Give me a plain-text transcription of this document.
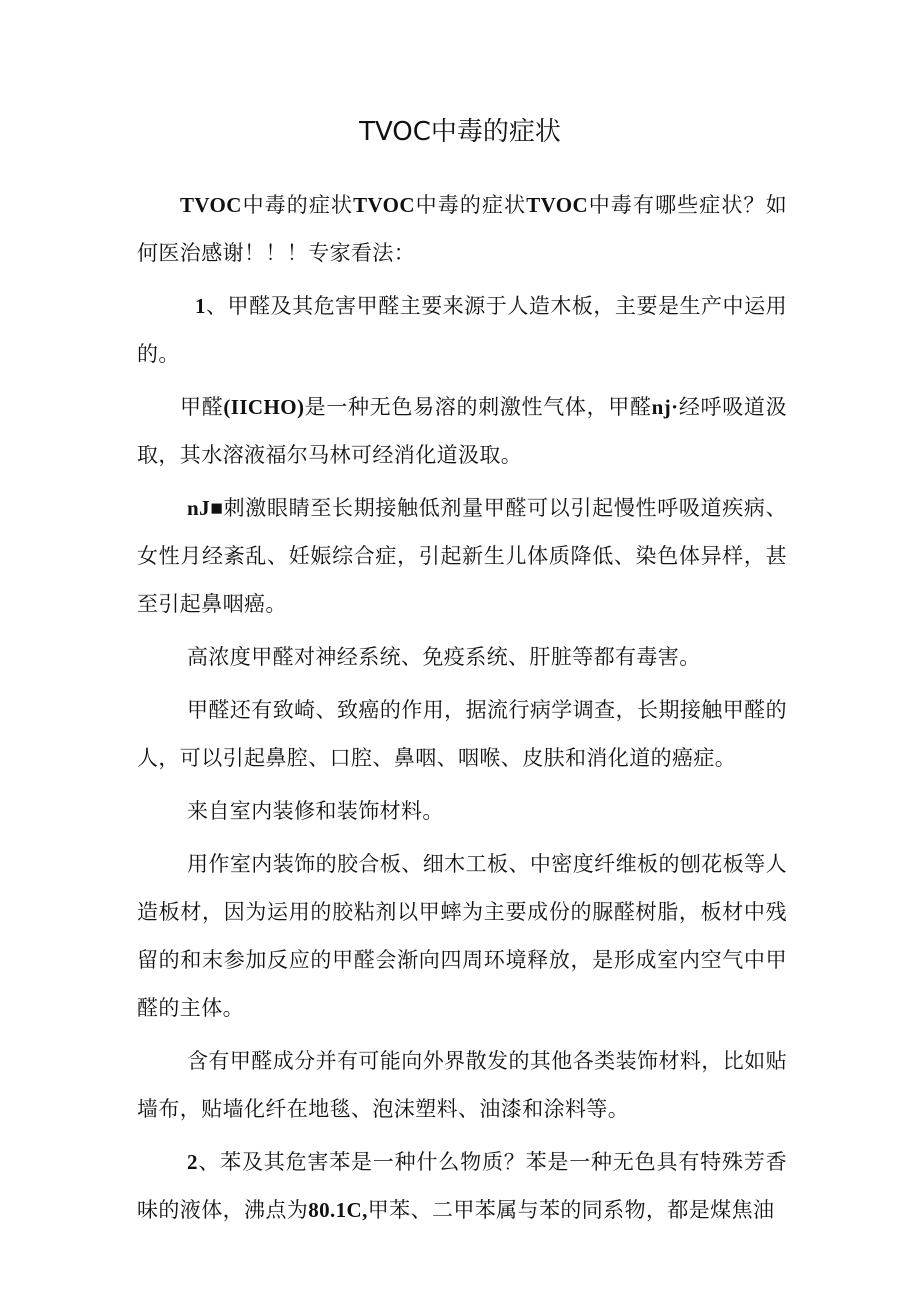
TVOC中毒的症状

TVOC中毒的症状TVOC中毒的症状TVOC中毒有哪些症状？如何医治感谢！！！专家看法：

1、甲醛及其危害甲醛主要来源于人造木板，主要是生产中运用的。

甲醛(IICHO)是一种无色易溶的刺激性气体，甲醛nj·经呼吸道汲取，其水溶液福尔马林可经消化道汲取。

nJ■刺激眼睛至长期接触低剂量甲醛可以引起慢性呼吸道疾病、女性月经紊乱、妊娠综合症，引起新生儿体质降低、染色体异样，甚至引起鼻咽癌。

高浓度甲醛对神经系统、免疫系统、肝脏等都有毒害。

甲醛还有致崎、致癌的作用，据流行病学调查，长期接触甲醛的人，可以引起鼻腔、口腔、鼻咽、咽喉、皮肤和消化道的癌症。

来自室内装修和装饰材料。

用作室内装饰的胶合板、细木工板、中密度纤维板的刨花板等人造板材，因为运用的胶粘剂以甲蟀为主要成份的脲醛树脂，板材中残留的和末参加反应的甲醛会渐向四周环境释放，是形成室内空气中甲醛的主体。

含有甲醛成分并有可能向外界散发的其他各类装饰材料，比如贴墙布，贴墙化纤在地毯、泡沫塑料、油漆和涂料等。

2、苯及其危害苯是一种什么物质？苯是一种无色具有特殊芳香味的液体，沸点为80.1C,甲苯、二甲苯属与苯的同系物，都是煤焦油
